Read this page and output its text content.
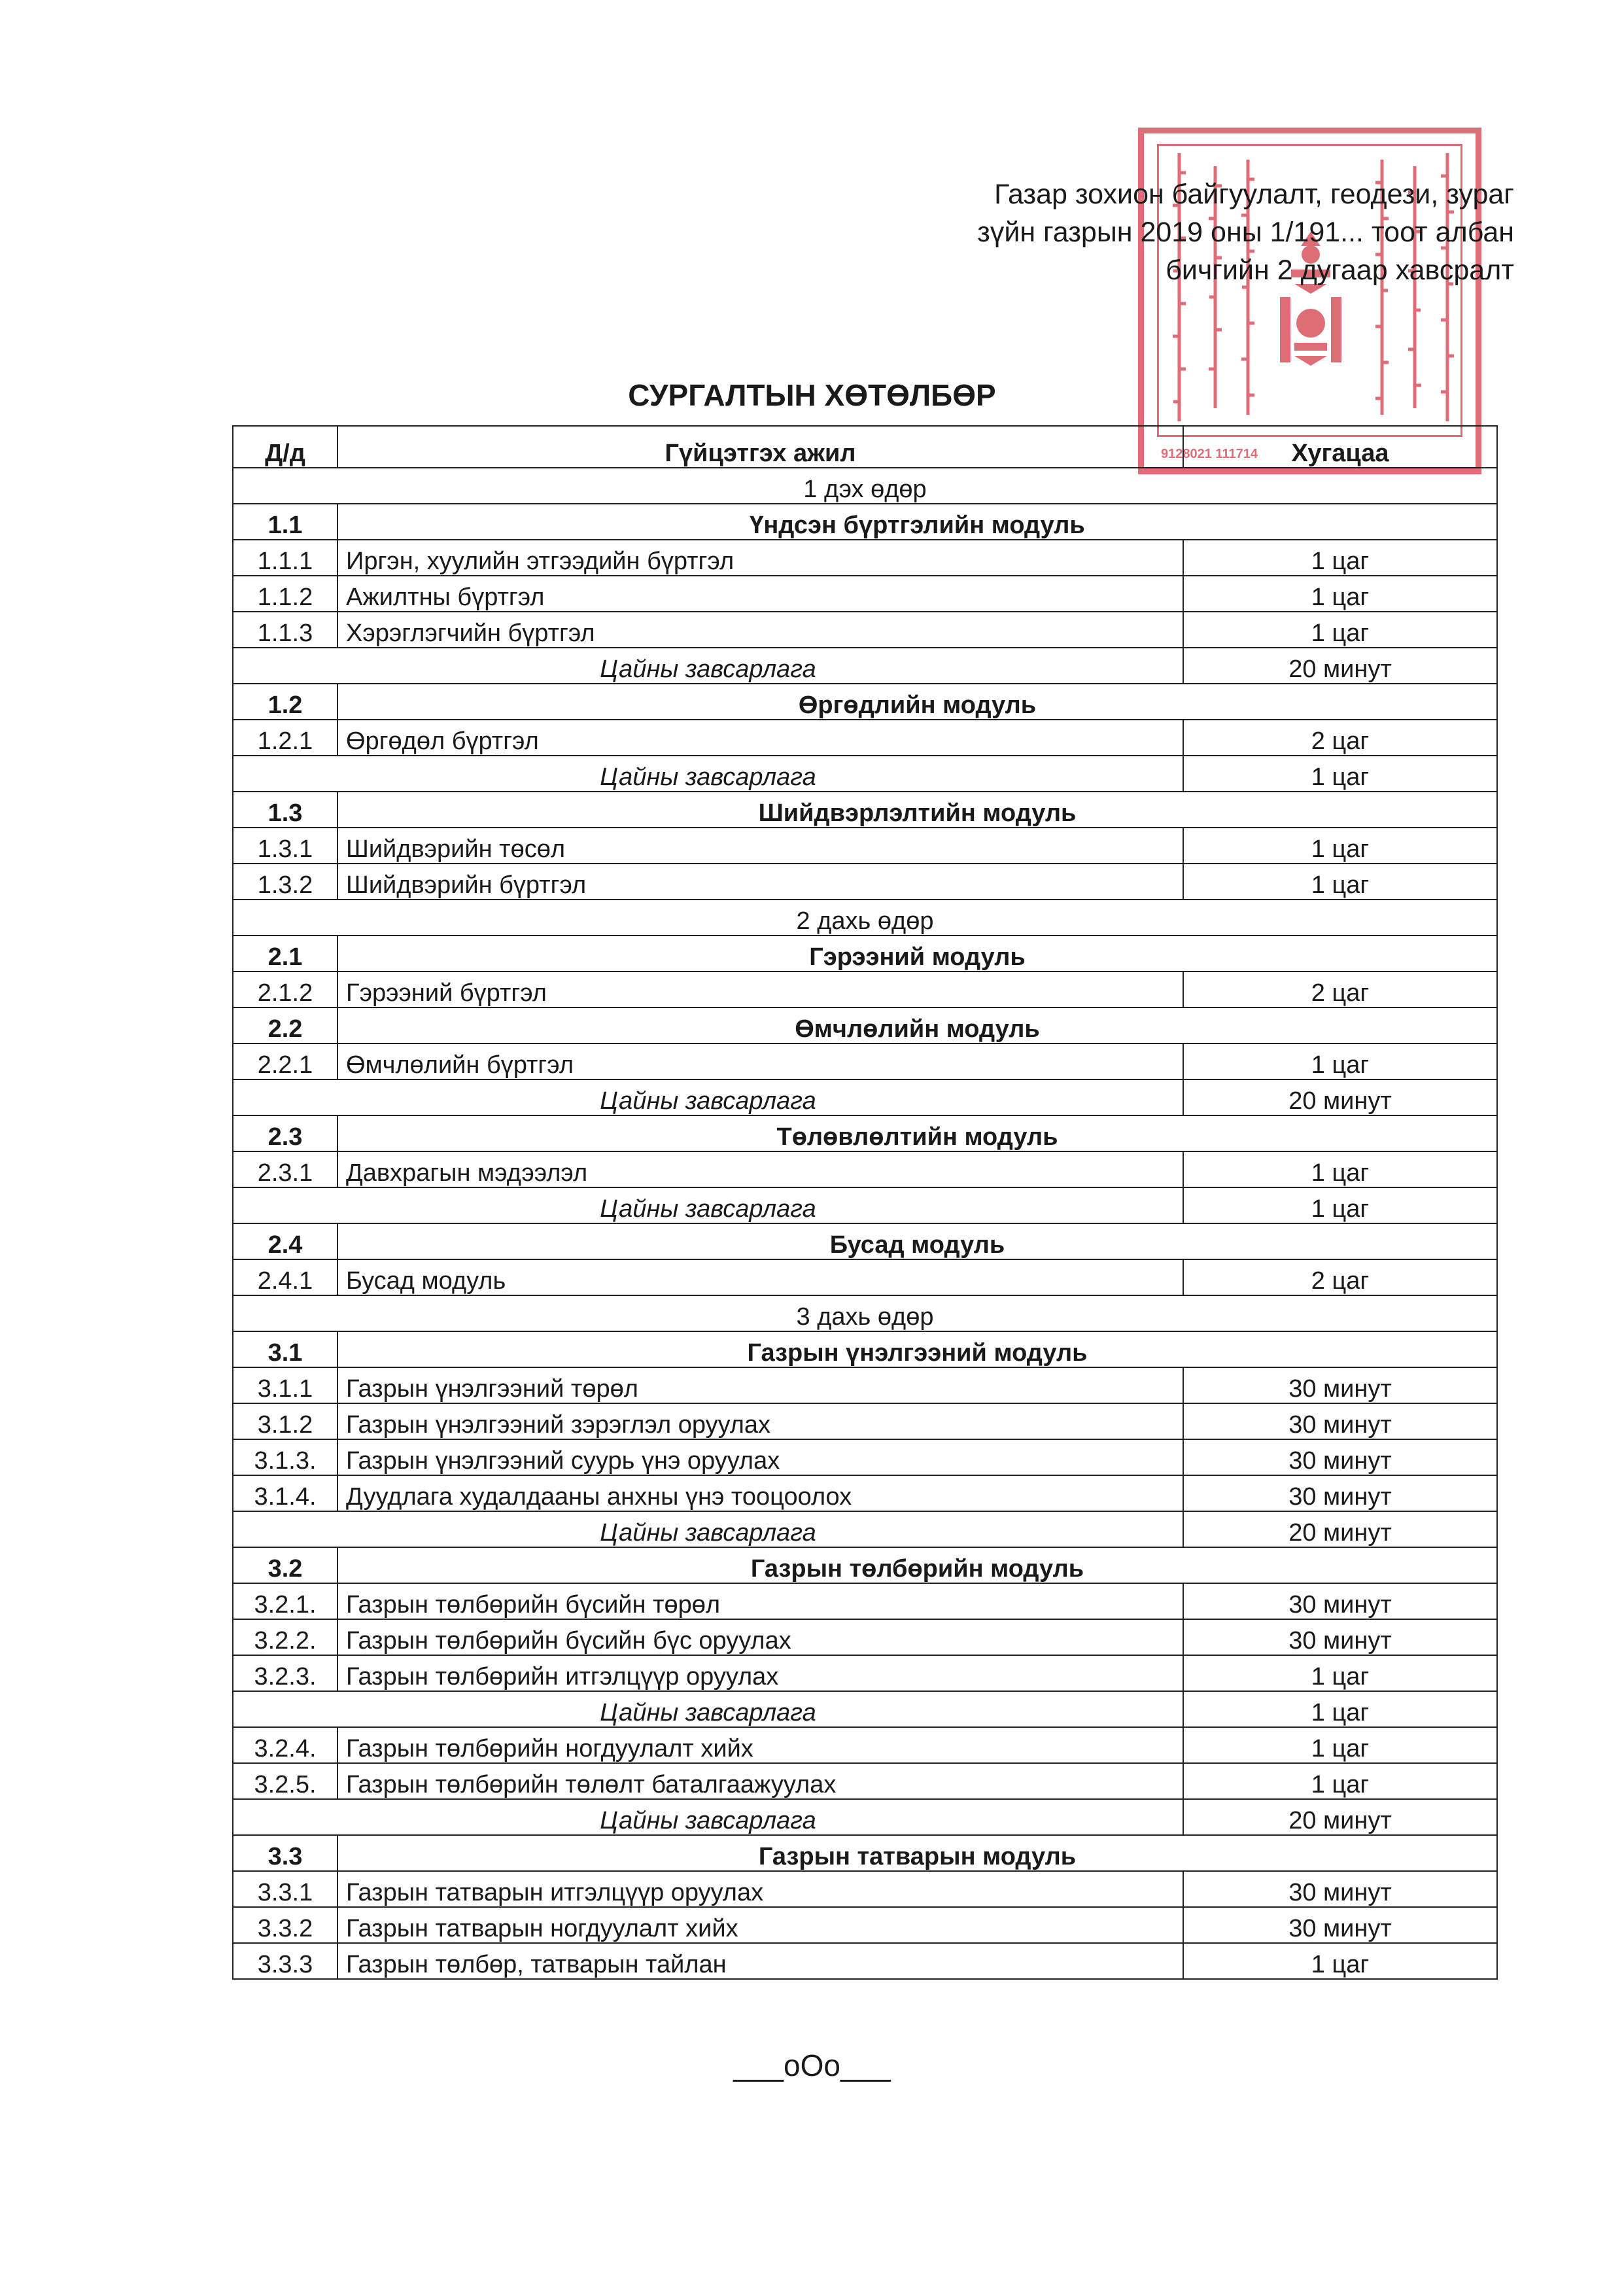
9128021 111714
Газар зохион байгуулалт, геодези, зураг
зүйн газрын 2019 оны 1/191... тоот албан
бичгийн 2 дугаар хавсралт
СУРГАЛТЫН ХӨТӨЛБӨР
Д/д	Гүйцэтгэх ажил	Хугацаа
1 дэх өдөр		
1.1	Үндсэн бүртгэлийн модуль	
1.1.1	Иргэн, хуулийн этгээдийн бүртгэл	1 цаг
1.1.2	Ажилтны бүртгэл	1 цаг
1.1.3	Хэрэглэгчийн бүртгэл	1 цаг
Цайны завсарлага		20 минут
1.2	Өргөдлийн модуль	
1.2.1	Өргөдөл бүртгэл	2 цаг
Цайны завсарлага		1 цаг
1.3	Шийдвэрлэлтийн модуль	
1.3.1	Шийдвэрийн төсөл	1 цаг
1.3.2	Шийдвэрийн бүртгэл	1 цаг
2 дахь өдөр		
2.1	Гэрээний модуль	
2.1.2	Гэрээний бүртгэл	2 цаг
2.2	Өмчлөлийн модуль	
2.2.1	Өмчлөлийн бүртгэл	1 цаг
Цайны завсарлага		20 минут
2.3	Төлөвлөлтийн модуль	
2.3.1	Давхрагын мэдээлэл	1 цаг
Цайны завсарлага		1 цаг
2.4	Бусад модуль	
2.4.1	Бусад модуль	2 цаг
3 дахь өдөр		
3.1	Газрын үнэлгээний модуль	
3.1.1	Газрын үнэлгээний төрөл	30 минут
3.1.2	Газрын үнэлгээний зэрэглэл оруулах	30 минут
3.1.3.	Газрын үнэлгээний суурь үнэ оруулах	30 минут
3.1.4.	Дуудлага худалдааны анхны үнэ тооцоолох	30 минут
Цайны завсарлага		20 минут
3.2	Газрын төлбөрийн модуль	
3.2.1.	Газрын төлбөрийн бүсийн төрөл	30 минут
3.2.2.	Газрын төлбөрийн бүсийн бүс оруулах	30 минут
3.2.3.	Газрын төлбөрийн итгэлцүүр оруулах	1 цаг
Цайны завсарлага		1 цаг
3.2.4.	Газрын төлбөрийн ногдуулалт хийх	1 цаг
3.2.5.	Газрын төлбөрийн төлөлт баталгаажуулах	1 цаг
Цайны завсарлага		20 минут
3.3	Газрын татварын модуль	
3.3.1	Газрын татварын итгэлцүүр оруулах	30 минут
3.3.2	Газрын татварын ногдуулалт хийх	30 минут
3.3.3	Газрын төлбөр, татварын тайлан	1 цаг
___oOo___
